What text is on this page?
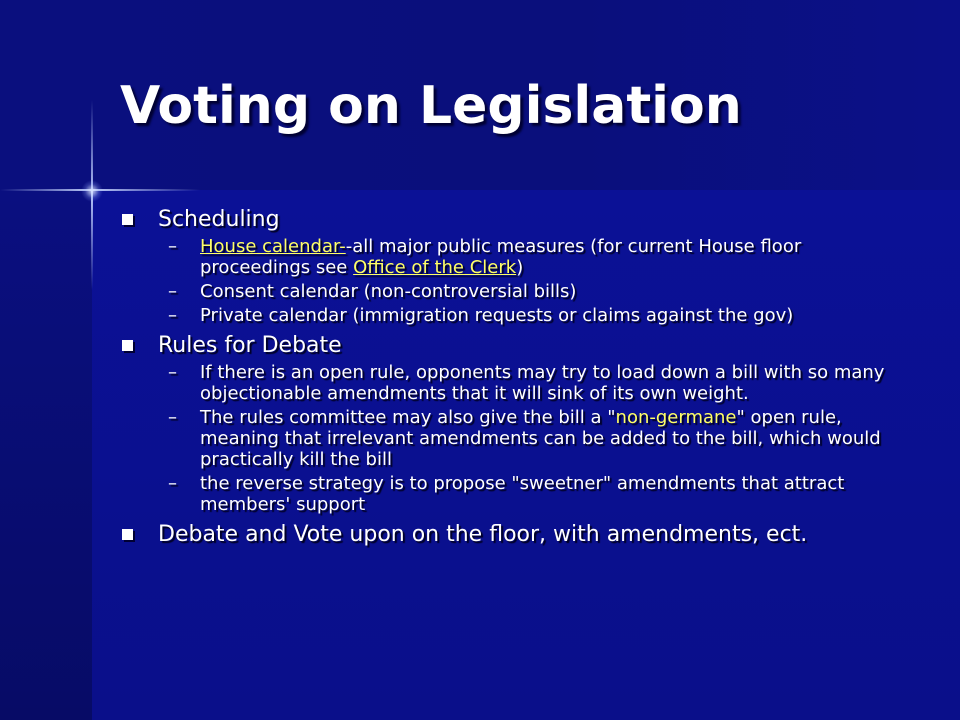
Voting on Legislation
Scheduling
– House calendar--all major public measures (for current House floor proceedings see Office of the Clerk)
– Consent calendar (non-controversial bills)
– Private calendar (immigration requests or claims against the gov)
Rules for Debate
– If there is an open rule, opponents may try to load down a bill with so many objectionable amendments that it will sink of its own weight.
– The rules committee may also give the bill a "non-germane" open rule, meaning that irrelevant amendments can be added to the bill, which would practically kill the bill
– the reverse strategy is to propose "sweetner" amendments that attract members' support
Debate and Vote upon on the floor, with amendments, ect.
